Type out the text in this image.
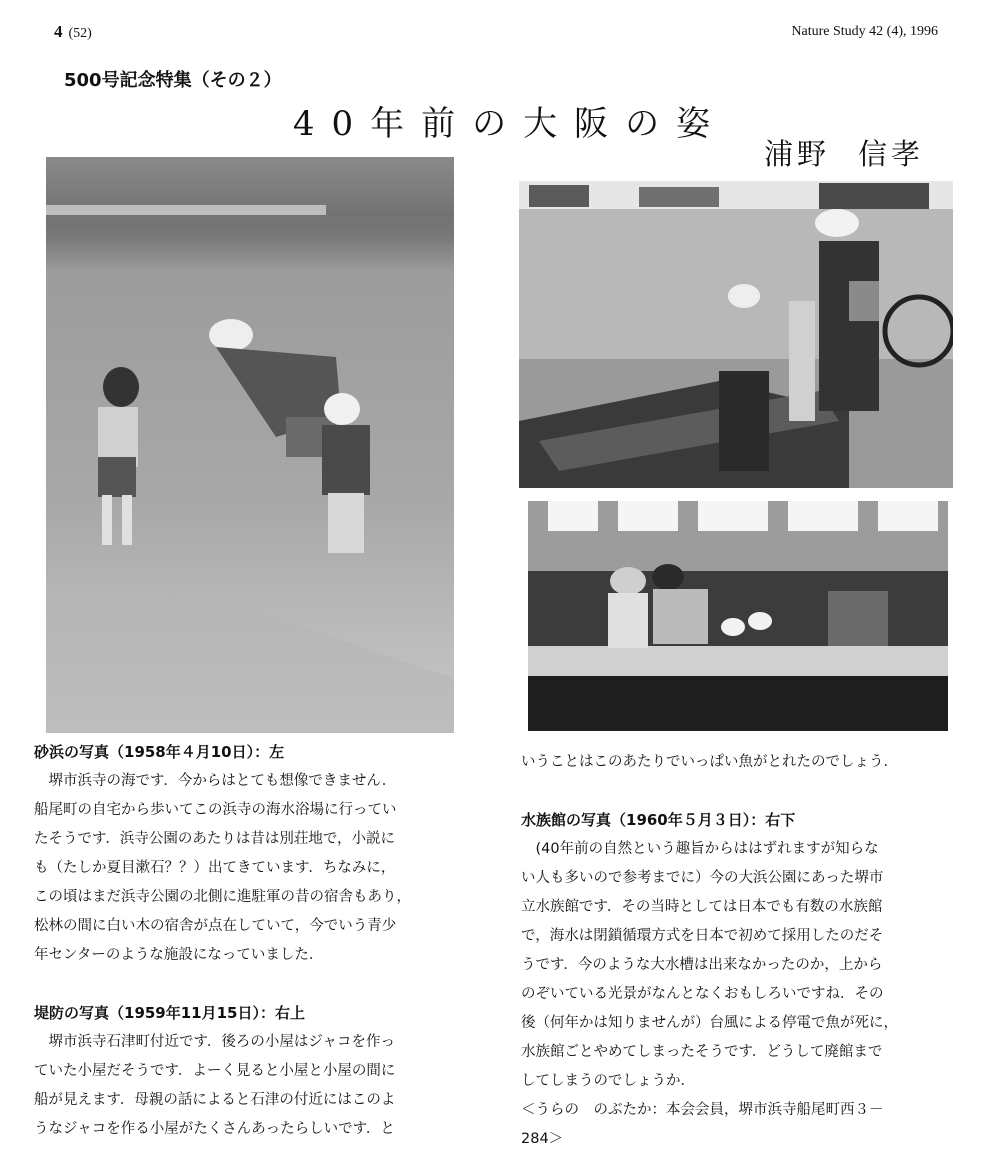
4 (52)	Nature Study 42 (4), 1996
500号記念特集（その２）
40年前の大阪の姿
浦野 信孝

砂浜の写真（1958年４月10日）：左

堺市浜寺の海です．今からはとても想像できません．

船尾町の自宅から歩いてこの浜寺の海水浴場に行ってい

たそうです．浜寺公園のあたりは昔は別荘地で，小説に

も（たしか夏目漱石？？）出てきています．ちなみに，

この頃はまだ浜寺公園の北側に進駐軍の昔の宿舎もあり，

松林の間に白い木の宿舎が点在していて，今でいう青少

年センターのような施設になっていました．

堤防の写真（1959年11月15日）：右上

堺市浜寺石津町付近です．後ろの小屋はジャコを作っ

ていた小屋だそうです．よーく見ると小屋と小屋の間に

船が見えます．母親の話によると石津の付近にはこのよ

うなジャコを作る小屋がたくさんあったらしいです．と

いうことはこのあたりでいっぱい魚がとれたのでしょう．

水族館の写真（1960年５月３日）：右下

(40年前の自然という趣旨からははずれますが知らな

い人も多いので参考までに）今の大浜公園にあった堺市

立水族館です．その当時としては日本でも有数の水族館

で，海水は閉鎖循環方式を日本で初めて採用したのだそ

うです．今のような大水槽は出来なかったのか，上から

のぞいている光景がなんとなくおもしろいですね．その

後（何年かは知りませんが）台風による停電で魚が死に，

水族館ごとやめてしまったそうです．どうして廃館まで

してしまうのでしょうか．

＜うらの　のぶたか：本会会員，堺市浜寺船尾町西３－

284＞
